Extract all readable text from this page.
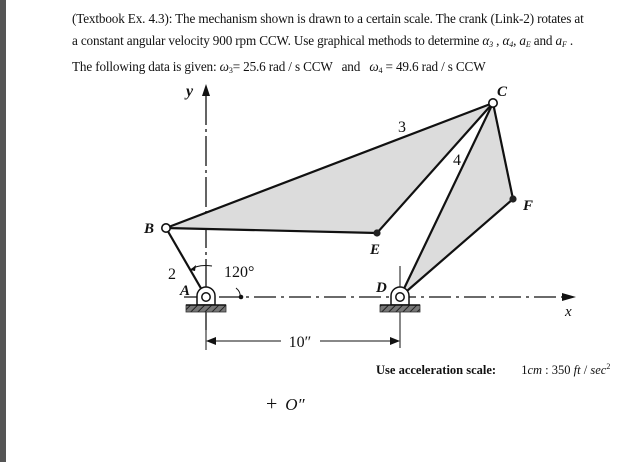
(Textbook Ex. 4.3): The mechanism shown is drawn to a certain scale. The crank (Link-2) rotates at
a constant angular velocity 900 rpm CCW. Use graphical methods to determine $\alpha_3$ , $\alpha_4$, $a_E$ and $a_F$ .
The following data is given: $\omega_3= 25.6$ rad / s CCW and $\omega_4 = 49.6$ rad / s CCW
10″
y
x
B
C
E
F
A	D
2
3
4
120°
Use acceleration scale: 1cm : 350 ft / $\sec^2$
+ O″
